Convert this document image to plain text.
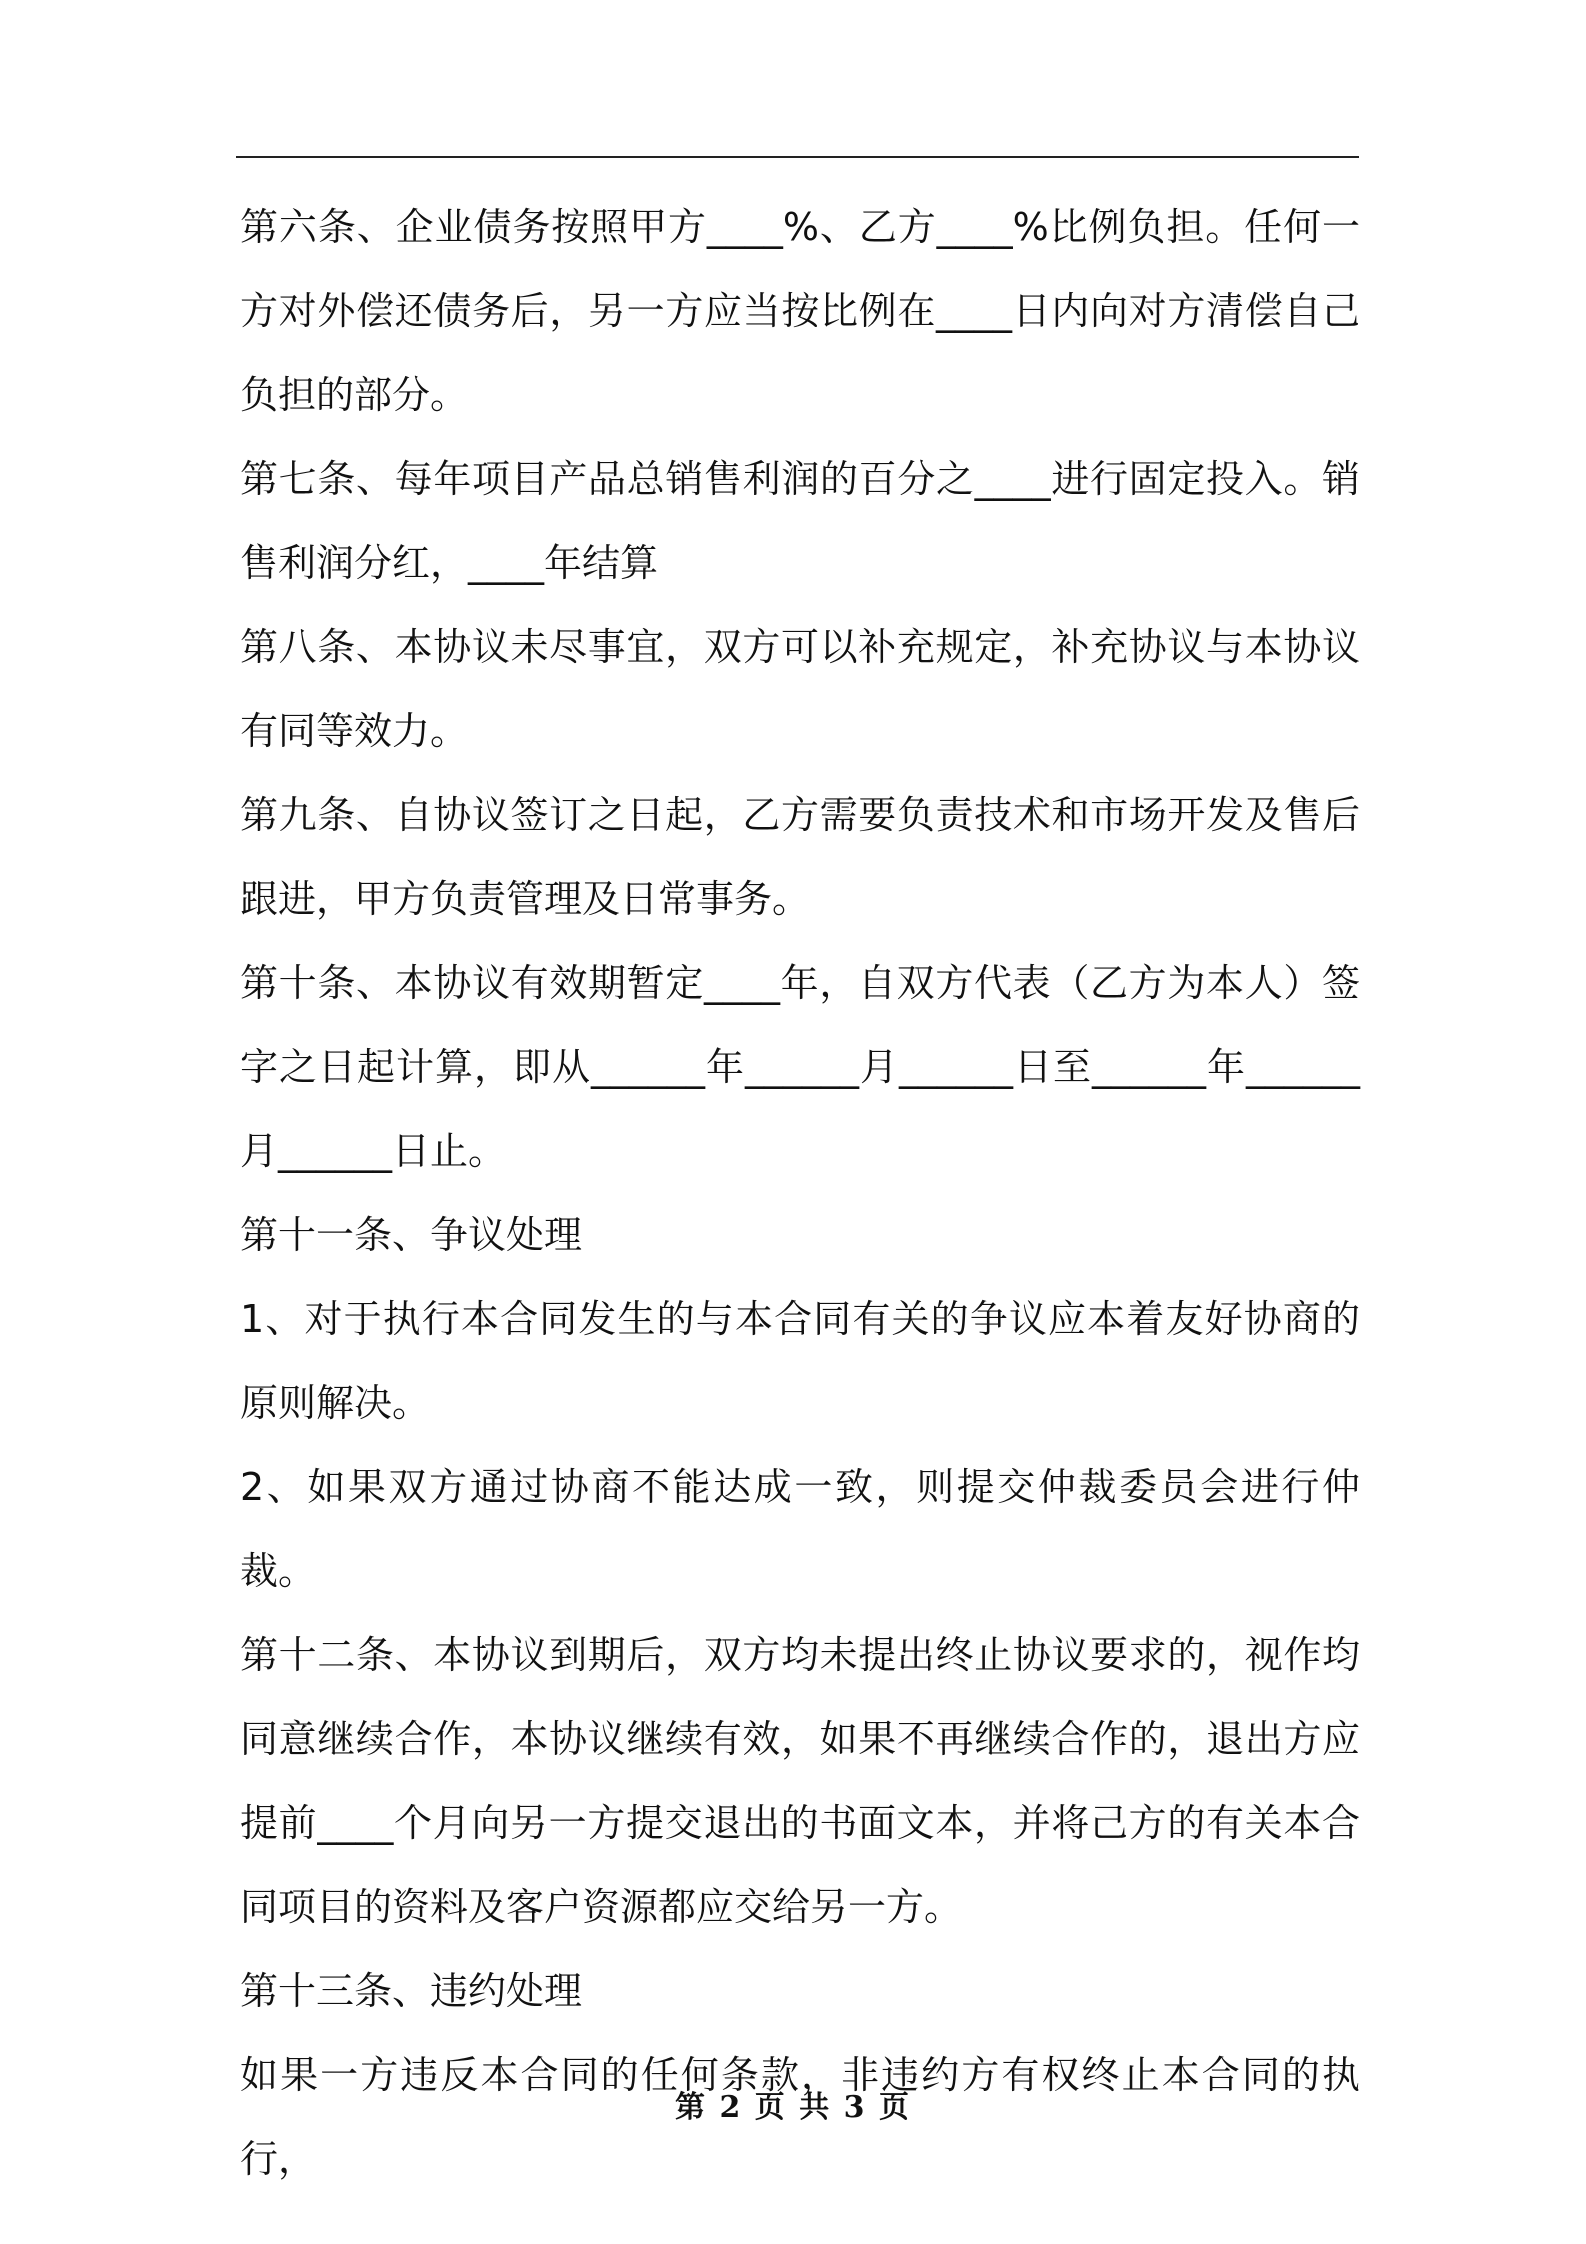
第六条、企业债务按照甲方____%、乙方____%比例负担。任何一方对外偿还债务后，另一方应当按比例在____日内向对方清偿自己负担的部分。

第七条、每年项目产品总销售利润的百分之____进行固定投入。销售利润分红，____年结算

第八条、本协议未尽事宜，双方可以补充规定，补充协议与本协议有同等效力。

第九条、自协议签订之日起，乙方需要负责技术和市场开发及售后跟进，甲方负责管理及日常事务。

第十条、本协议有效期暂定____年，自双方代表（乙方为本人）签字之日起计算，即从______年______月______日至______年______月______日止。

第十一条、争议处理

1、对于执行本合同发生的与本合同有关的争议应本着友好协商的原则解决。

2、如果双方通过协商不能达成一致，则提交仲裁委员会进行仲裁。

第十二条、本协议到期后，双方均未提出终止协议要求的，视作均同意继续合作，本协议继续有效，如果不再继续合作的，退出方应提前____个月向另一方提交退出的书面文本，并将己方的有关本合同项目的资料及客户资源都应交给另一方。

第十三条、违约处理

如果一方违反本合同的任何条款，非违约方有权终止本合同的执行，

第 2 页 共 3 页
